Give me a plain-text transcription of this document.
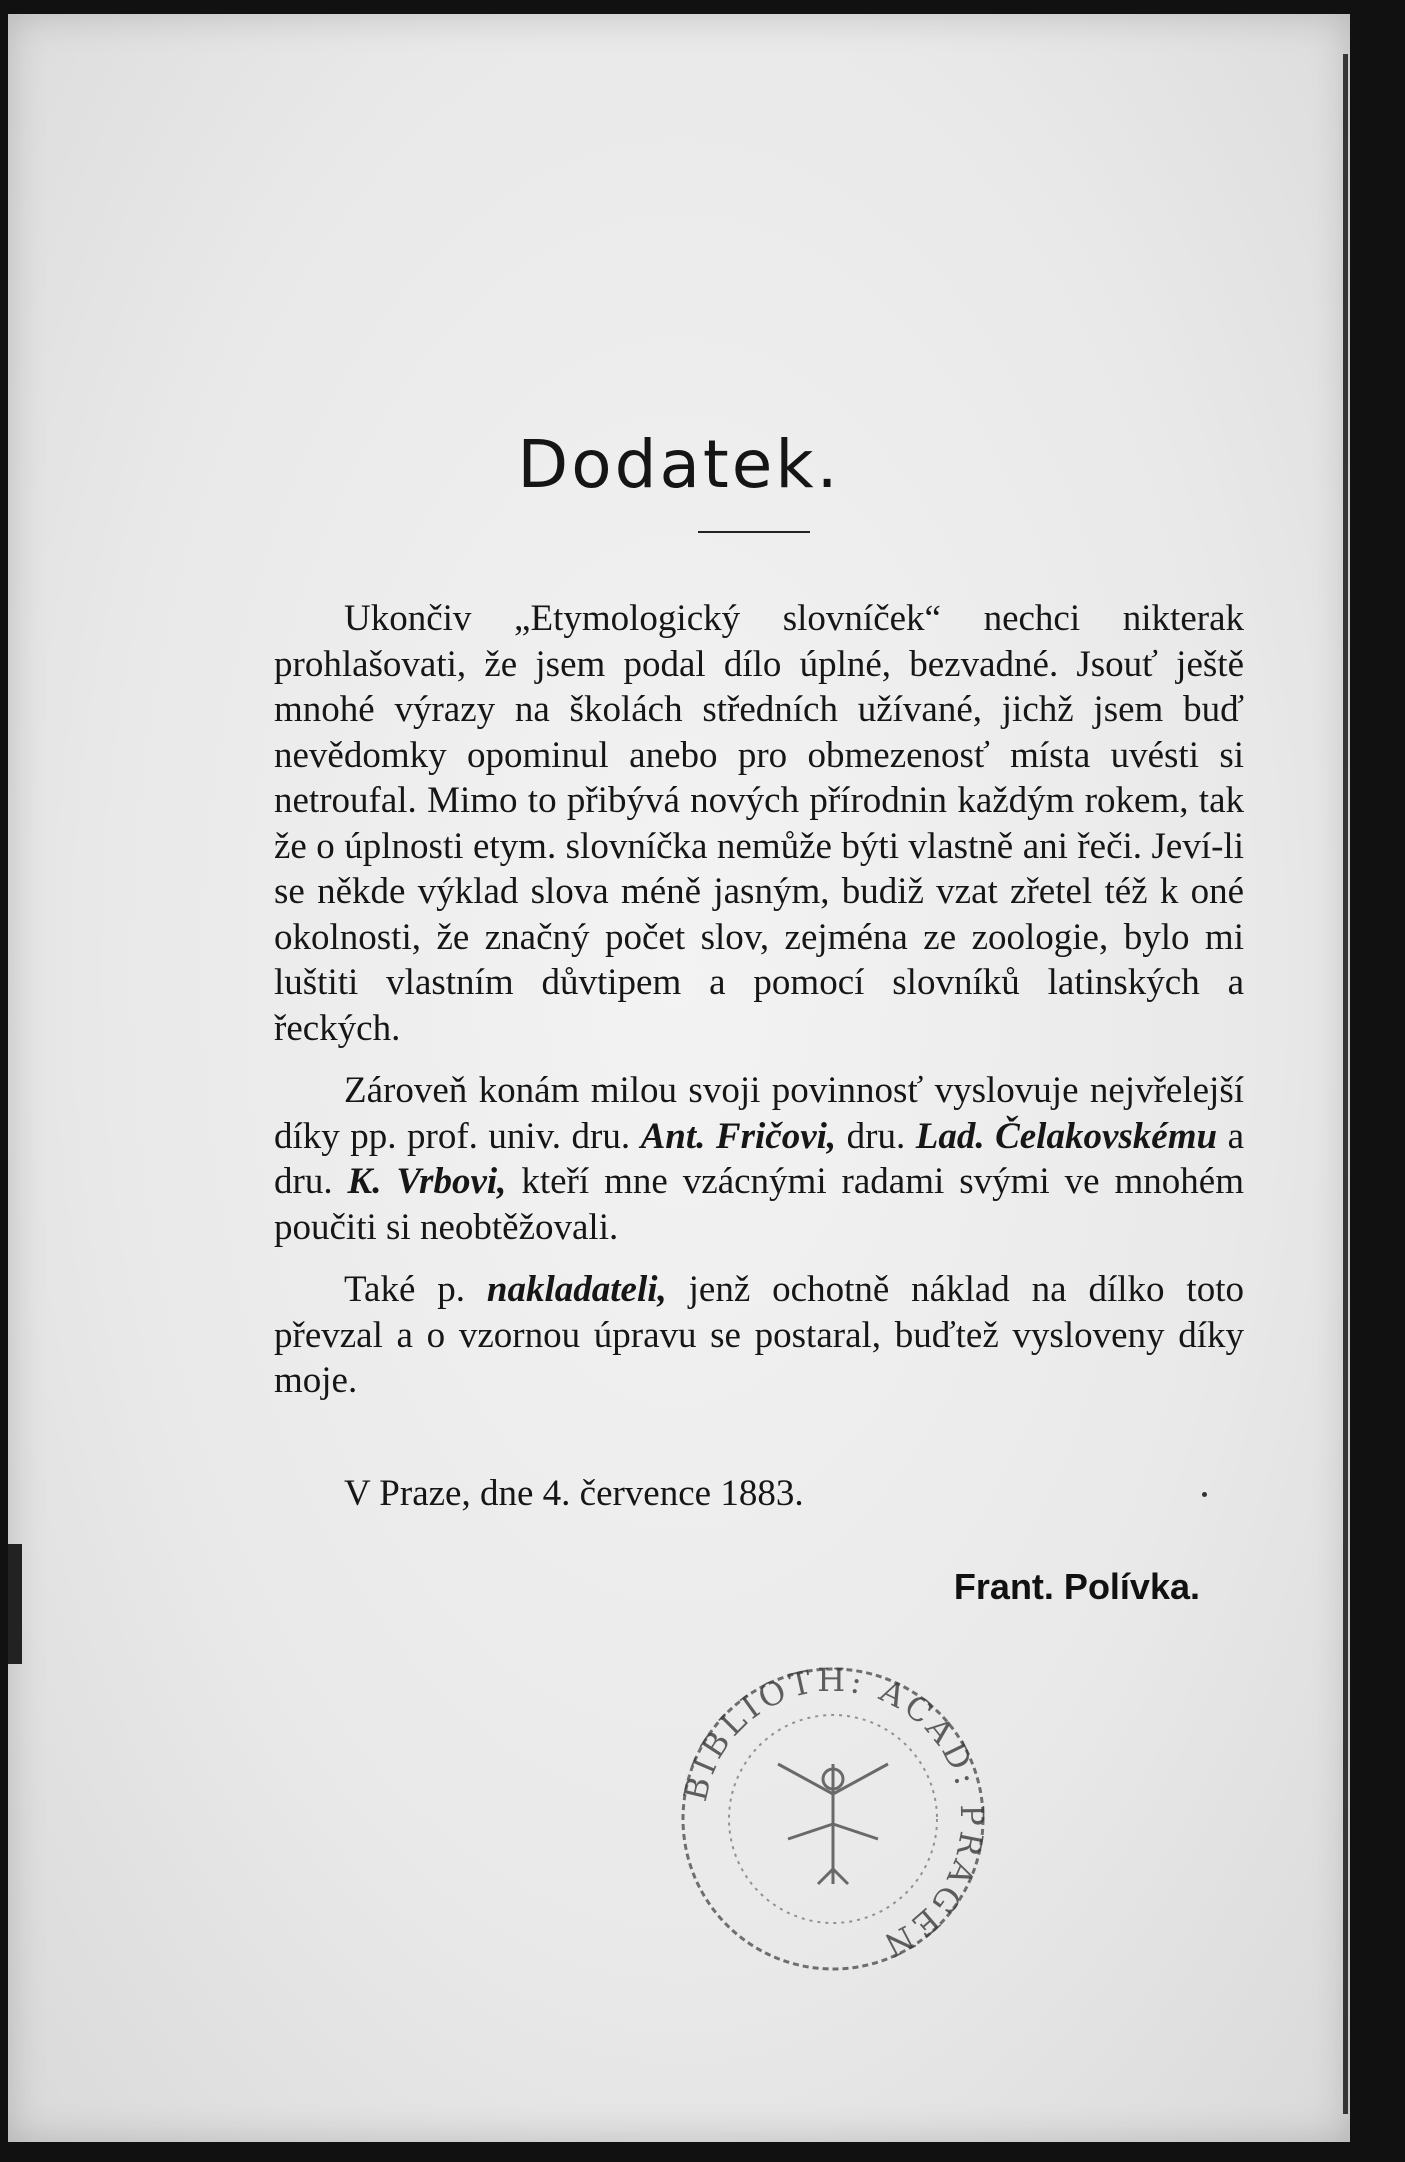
Dodatek.

Ukončiv „Etymologický slovníček“ nechci nikterak prohlašovati, že jsem podal dílo úplné, bezvadné. Jsouť ještě mnohé výrazy na školách středních užívané, jichž jsem buď nevědomky opominul anebo pro obmezenosť místa uvésti si netroufal. Mimo to přibývá nových přírodnin každým rokem, tak že o úplnosti etym. slovníčka nemůže býti vlastně ani řeči. Jeví-li se někde výklad slova méně jasným, budiž vzat zřetel též k oné okolnosti, že značný počet slov, zejména ze zoologie, bylo mi luštiti vlastním důvtipem a pomocí slovníků latinských a řeckých.

Zároveň konám milou svoji povinnosť vyslovuje nejvřelejší díky pp. prof. univ. dru. Ant. Fričovi, dru. Lad. Čelakovskému a dru. K. Vrbovi, kteří mne vzácnými radami svými ve mnohém poučiti si neobtěžovali.

Také p. nakladateli, jenž ochotně náklad na dílko toto převzal a o vzornou úpravu se postaral, buďtež vysloveny díky moje.

V Praze, dne 4. července 1883.
Frant. Polívka.
BIBLIOTH: ACAD: PRAGEN
